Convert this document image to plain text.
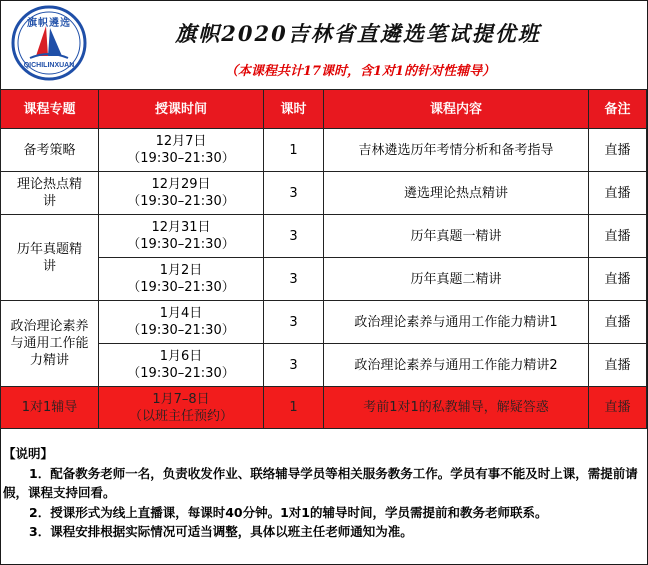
旗帜遴选
QICHILINXUAN
旗帜2020吉林省直遴选笔试提优班
（本课程共计17课时，含1对1的针对性辅导）
课程专题	授课时间	课时	课程内容	备注
备考策略	12月7日
（19:30–21:30）	1	吉林遴选历年考情分析和备考指导	直播
理论热点精讲	12月29日
（19:30–21:30）	3	遴选理论热点精讲	直播
历年真题精讲	12月31日
（19:30–21:30）	3	历年真题一精讲	直播

	1月2日
（19:30–21:30）	3	历年真题二精讲	直播
政治理论素养与通用工作能力精讲	1月4日
（19:30–21:30）	3	政治理论素养与通用工作能力精讲1	直播

	1月6日
（19:30–21:30）	3	政治理论素养与通用工作能力精讲2	直播
1对1辅导	1月7–8日
（以班主任预约）	1	考前1对1的私教辅导，解疑答惑	直播

【说明】

1．配备教务老师一名，负责收发作业、联络辅导学员等相关服务教务工作。学员有事不能及时上课，需提前请假，课程支持回看。

2．授课形式为线上直播课，每课时40分钟。1对1的辅导时间，学员需提前和教务老师联系。

3．课程安排根据实际情况可适当调整，具体以班主任老师通知为准。
